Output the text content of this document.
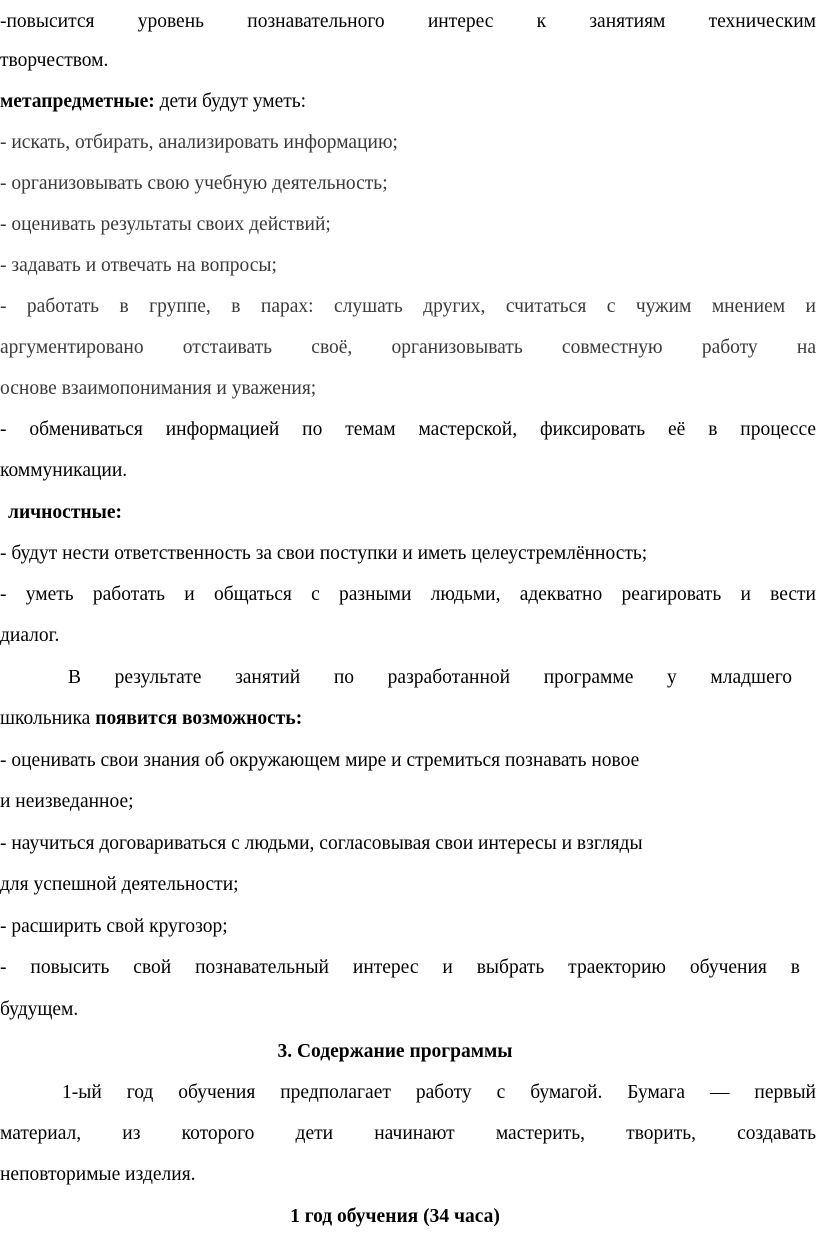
-повысится уровень познавательного интерес к занятиям техническим

творчеством.

метапредметные: дети будут уметь:

- искать, отбирать, анализировать информацию;

- организовывать свою учебную деятельность;

- оценивать результаты своих действий;

- задавать и отвечать на вопросы;

- работать в группе, в парах: слушать других, считаться с чужим мнением и

аргументировано отстаивать своё, организовывать совместную работу на

основе взаимопонимания и уважения;

- обмениваться информацией по темам мастерской, фиксировать её в процессе

коммуникации.

личностные:

- будут нести ответственность за свои поступки и иметь целеустремлённость;

- уметь работать и общаться с разными людьми, адекватно реагировать и вести

диалог.

В результате занятий по разработанной программе у младшего

школьника появится возможность:

- оценивать свои знания об окружающем мире и стремиться познавать новое

и неизведанное;

- научиться договариваться с людьми, согласовывая свои интересы и взгляды

для успешной деятельности;

- расширить свой кругозор;

- повысить свой познавательный интерес и выбрать траекторию обучения в

будущем.

3. Содержание программы

1-ый год обучения предполагает работу с бумагой. Бумага — первый

материал, из которого дети начинают мастерить, творить, создавать

неповторимые изделия.

1 год обучения (34 часа)
